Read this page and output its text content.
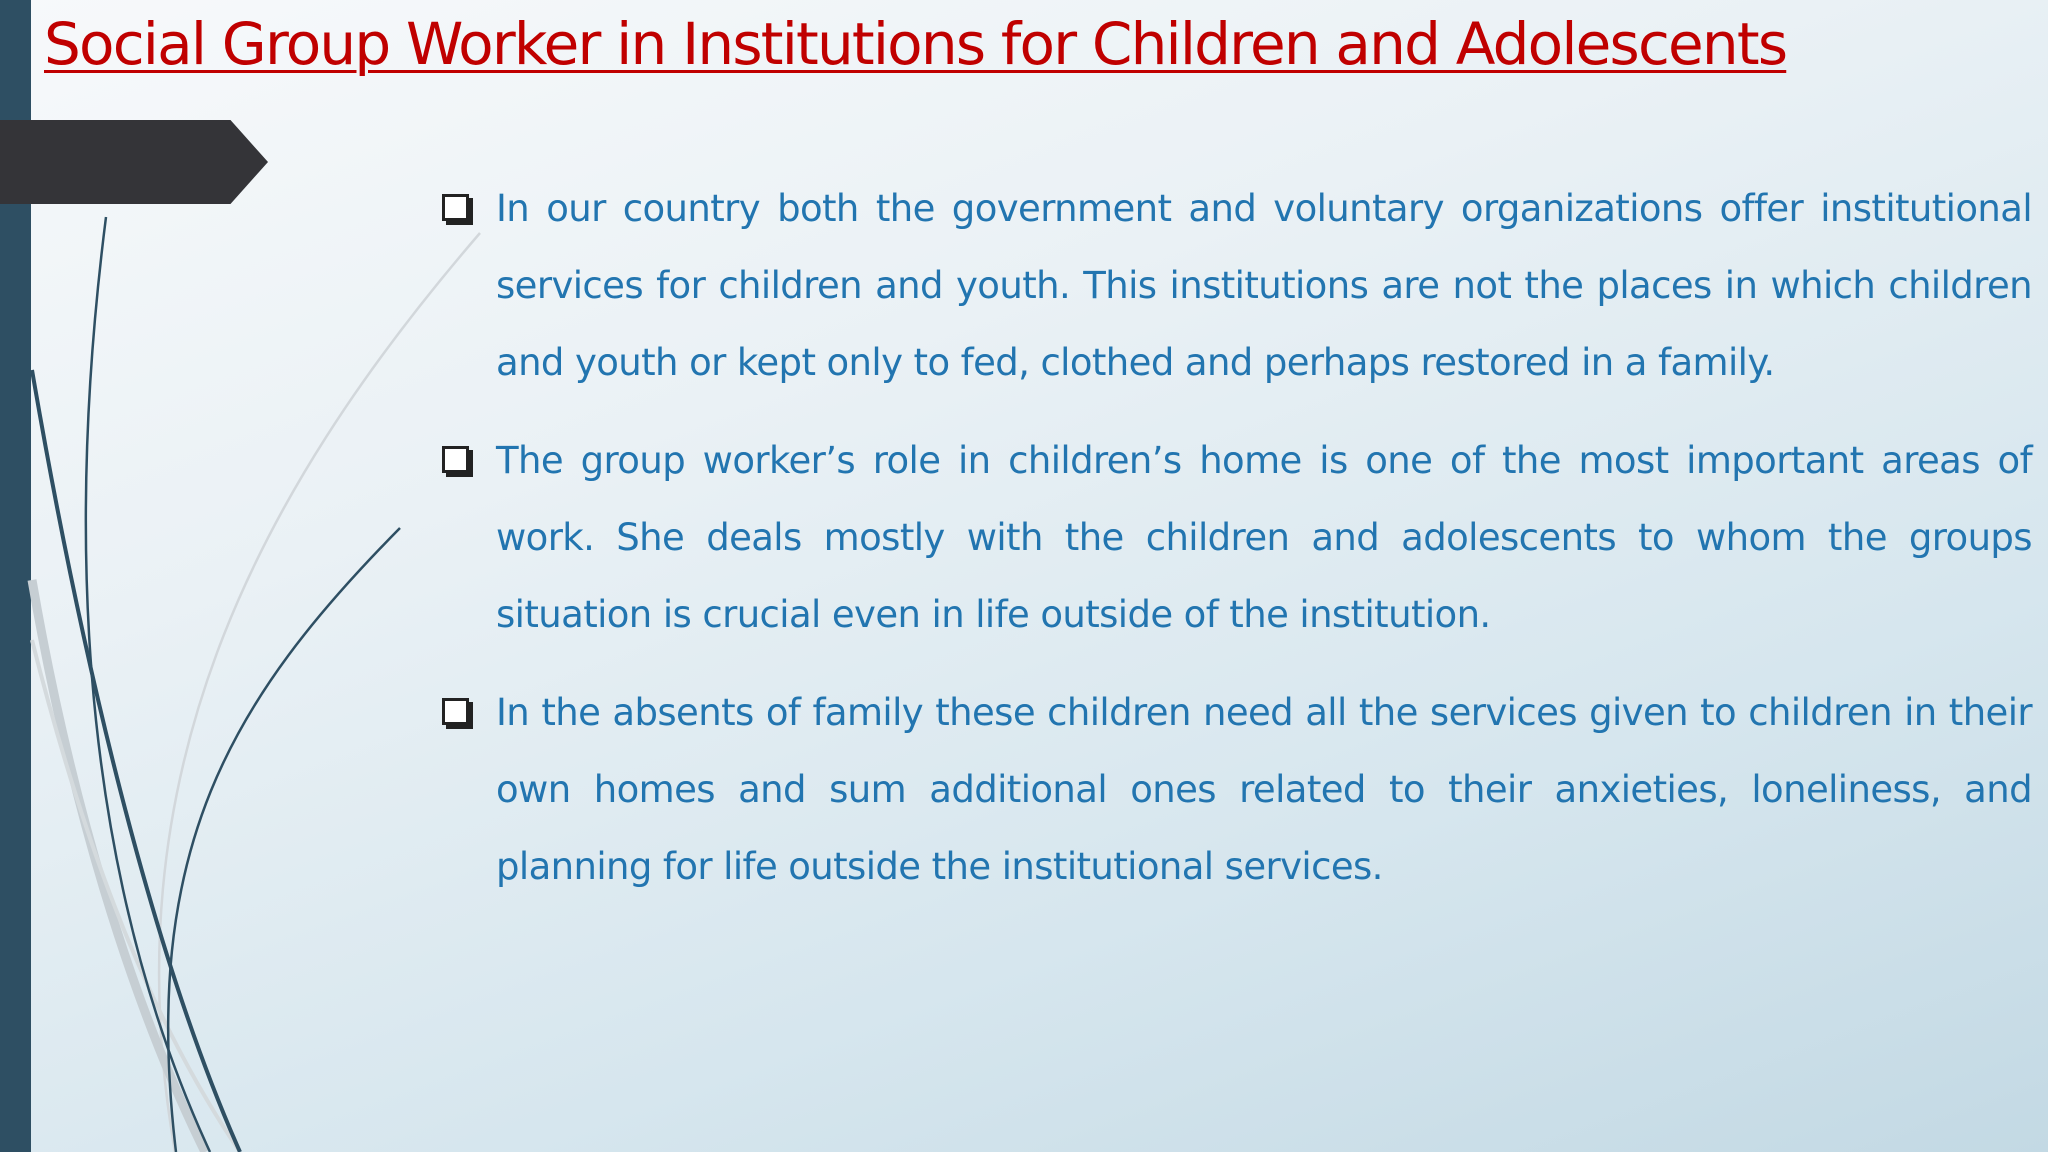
Social Group Worker in Institutions for Children and Adolescents
In our country both the government and voluntary organizations offer institutional services for children and youth. This institutions are not the places in which children and youth or kept only to fed, clothed and perhaps restored in a family.
The group worker’s role in children’s home is one of the most important areas of work. She deals mostly with the children and adolescents to whom the groups situation is crucial even in life outside of the institution.
In the absents of family these children need all the services given to children in their own homes and sum additional ones related to their anxieties, loneliness, and planning for life outside the institutional services.
